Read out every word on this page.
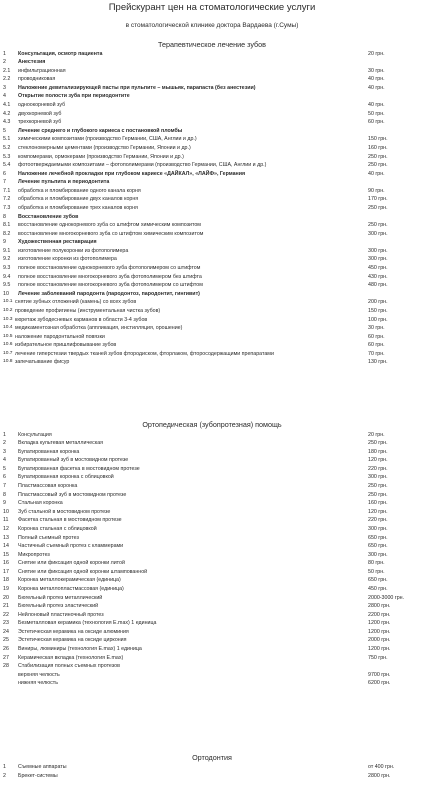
Прейскурант цен на стоматологические услуги
в стоматологической клинике доктора Вардаева (г.Сумы)
Терапевтическое лечение зубов
1 Консультация, осмотр пациента	20 грн.
2 Анестезия
2.1 инфильтрационная	30 грн.
2.2 проводниковая	40 грн.
3 Наложение девитализирующей пасты при пульпите – мышьяк, парапаста (без анестезии)	40 грн.
4 Открытие полости зуба при периодонтите
4.1 одноокорневой зуб	40 грн.
4.2 двухкорневой зуб	50 грн.
4.3 трехкорневой зуб	60 грн.
5 Лечение среднего и глубокого кариеса с постановкой пломбы
5.1 химическими композитами (производство Германии, США, Англии и др.)	150 грн.
5.2 стеклономерными цементами (производство Германии, Японии и др.)	160 грн.
5.3 компомерами, ормокерами (производство Германии, Японии и др.)	250 грн.
5.4 фотоотверждаемыми композитами – фотополимерами (производство Германии, США, Англии и др.)	250 грн.
6 Наложение лечебной прокладки при глубоком кариесе «ДАЙКАЛ», «ЛАЙФ», Германия	40 грн.
7 Лечение пульпита и периодонтита
7.1 обработка и пломбирование одного канала корня	90 грн.
7.2 обработка и пломбирование двух каналов корня	170 грн.
7.3 обработка и пломбирование трех каналов корня	250 грн.
8 Восстановление зубов
8.1 восстановление однокорневого зуба со штифтом химическим композитом	250 грн.
8.2 восстановление многокорневого зуба со штифтом химическим композитом	300 грн.
9 Художественная реставрация
9.1 изготовление полукоронки из фотополимера	300 грн.
9.2 изготовление коронки из фотополимера	300 грн.
9.3 полное восстановление однокорневого зуба фотополимером со штифтом	450 грн.
9.4 полное восстановление многокорневого зуба фотополимером без штифта	430 грн.
9.5 полное восстановление многокорневого зуба фотополимером со штифтом	480 грн.
10 Лечение заболеваний пародонта (пародонтоз, пародонтит, гингивит)
10.1 снятие зубных отложений (камень) со всех зубов	200 грн.
10.2 проведение профигиены (инструментальная чистка зубов)	150 грн.
10.3 кюретаж зубодесневых карманов в области 3-4 зубов	100 грн.
10.4 медикаментозная обработка (аппликация, инстилляция, орошение)	30 грн.
10.5 наложение пародонтальной повязки	60 грн.
10.6 избирательное пришлифовывание зубов	60 грн.
10.7 лечение гиперстезии твердых тканей зубов фтородиском, фторлаком, фторосодержащими препаратами	70 грн.
10.8 запечатывание фисур	130 грн.
Ортопедическая (зубопротезная) помощь
1 Консультация	20 грн.
2 Вкладка культевая металлическая	250 грн.
3 Бупатированная коронка	180 грн.
4 Бупатированный зуб в мостовидном протезе	120 грн.
5 Бупатированная фасетка в мостовидном протезе	220 грн.
6 Бупатированная коронка с облицовкой	300 грн.
7 Пластмассовая коронка	250 грн.
8 Пластмассовый зуб в мостовидном протезе	250 грн.
9 Стальная коронка	160 грн.
10 Зуб стальной в мостовидном протезе	120 грн.
11 Фасетка стальная в мостовидном протезе	220 грн.
12 Коронка стальная с облицовкой	300 грн.
13 Полный съемный протез	650 грн.
14 Частичный съемный протез с кламмерами	650 грн.
15 Микропротез	300 грн.
16 Снятие или фиксация одной коронки литой	80 грн.
17 Снятие или фиксация одной коронки штампованной	50 грн.
18 Коронка металлокерамическая (единица)	650 грн.
19 Коронка металлопластмассовая (единица)	450 грн.
20 Бюгельный протез металлический	2000-3000 грн.
21 Бюгельный протез эластический	2800 грн.
22 Нейлоновый пластиночный протез	2200 грн.
23 Безметалловая керамика (технология E.max) 1 единица	1200 грн.
24 Эстетическая керамика на оксиде алюминия	1200 грн.
25 Эстетическая керамика на оксиде циркония	2000 грн.
26 Виниры, люминиры (технология E.max) 1 единица	1200 грн.
27 Керамическая вкладка (технология E.max)	750 грн.
28 Стабилизация полных съемных протезов
верхняя челюсть	9700 грн.
нижняя челюсть	6200 грн.
Ортодонтия
1 Съемные аппараты	от 400 грн.
2 Брекет-системы	2800 грн.
